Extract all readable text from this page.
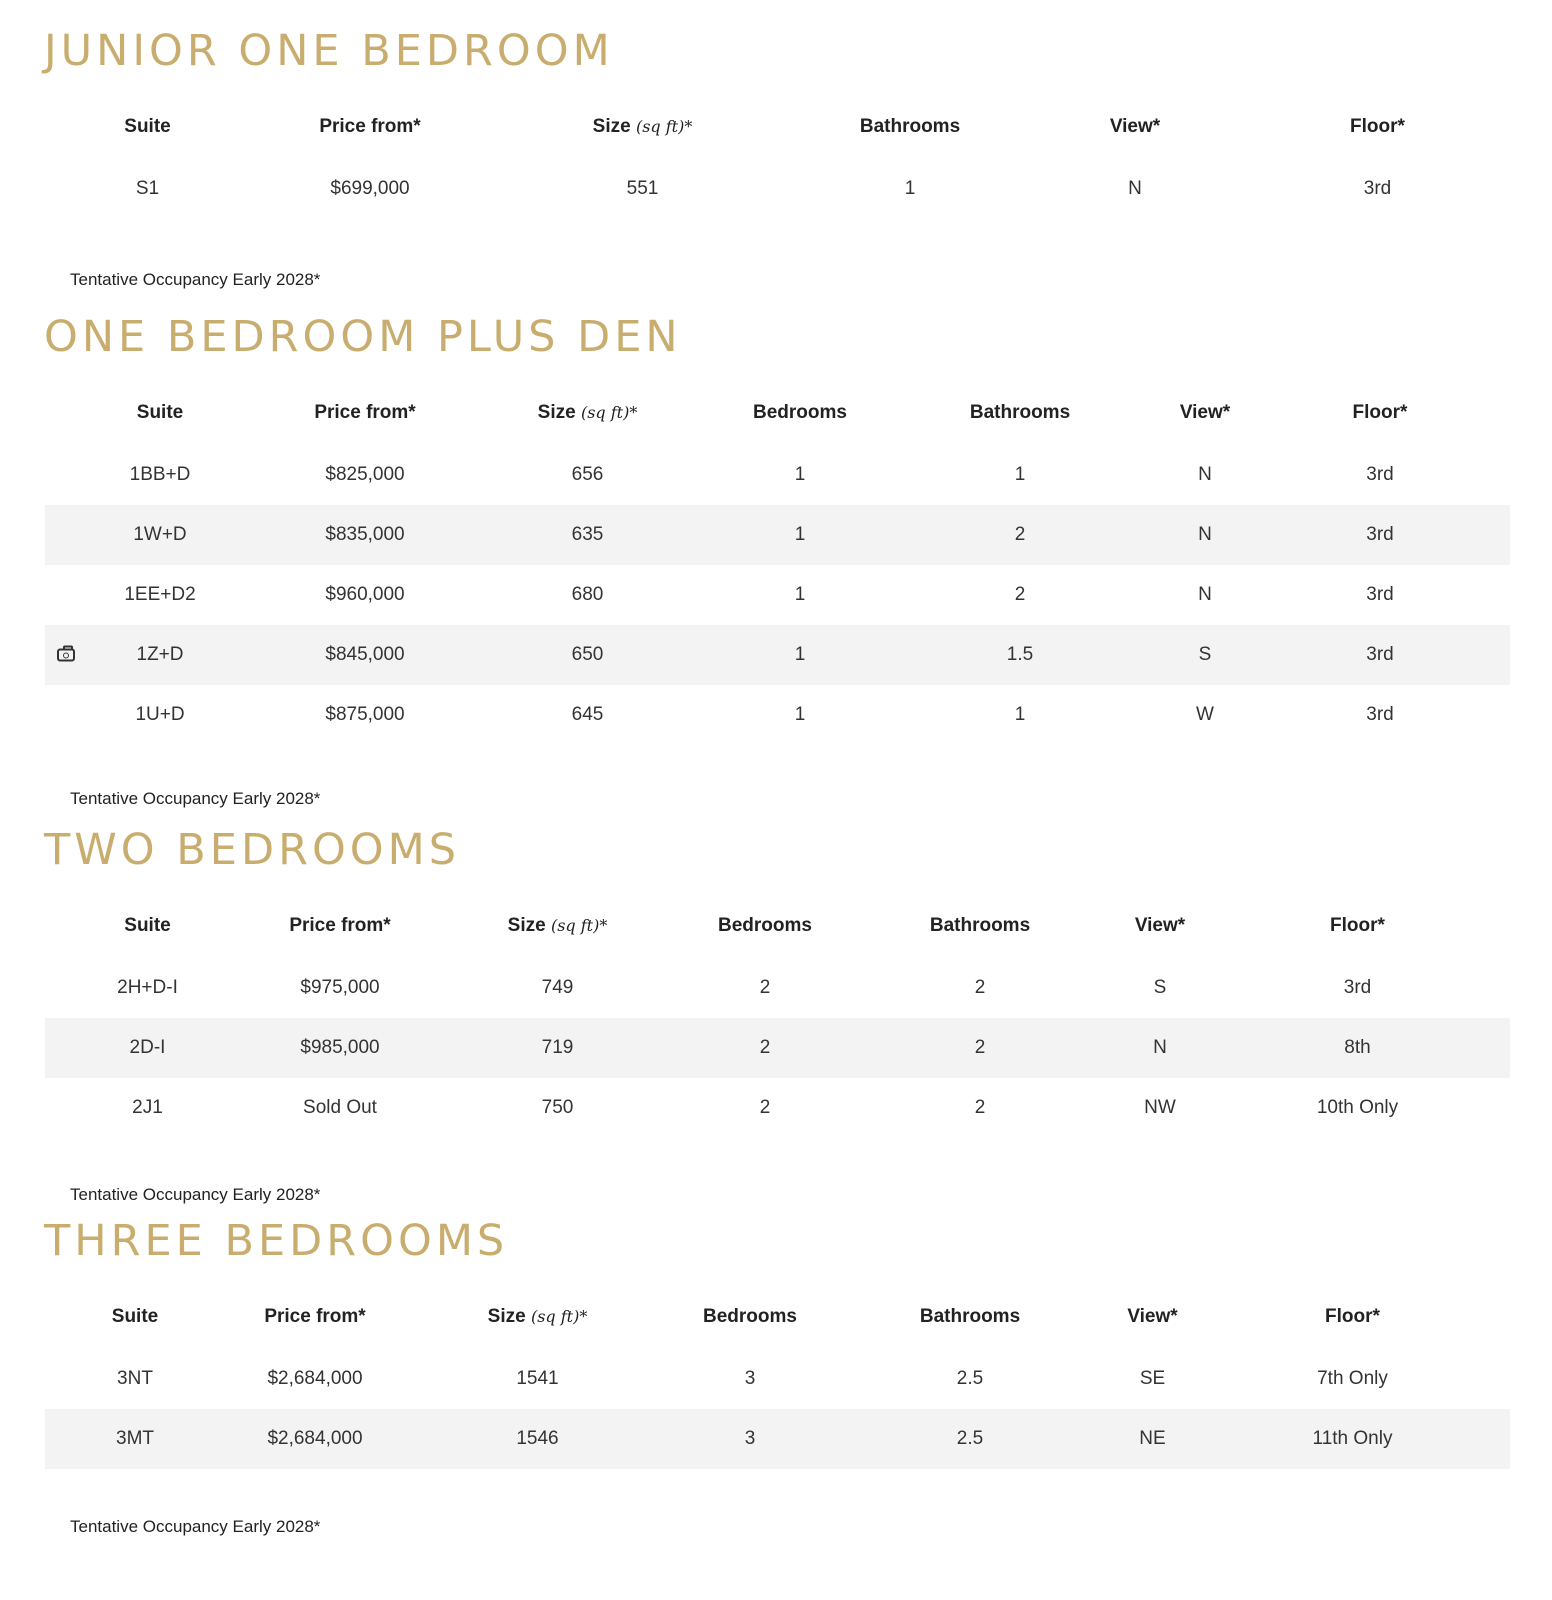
JUNIOR ONE BEDROOM
Suite	Price from*	Size (sq ft)*	Bathrooms	View*	Floor*

S1	$699,000	551	1	N	3rd
Tentative Occupancy Early 2028*
ONE BEDROOM PLUS DEN
Suite	Price from*	Size (sq ft)*	Bedrooms	Bathrooms	View*	Floor*

1BB+D	$825,000	656	1	1	N	3rd
1W+D	$835,000	635	1	2	N	3rd
1EE+D2	$960,000	680	1	2	N	3rd

1Z+D	$845,000	650	1	1.5	S	3rd
1U+D	$875,000	645	1	1	W	3rd
Tentative Occupancy Early 2028*
TWO BEDROOMS
Suite	Price from*	Size (sq ft)*	Bedrooms	Bathrooms	View*	Floor*

2H+D-I	$975,000	749	2	2	S	3rd
2D-I	$985,000	719	2	2	N	8th
2J1	Sold Out	750	2	2	NW	10th Only
Tentative Occupancy Early 2028*
THREE BEDROOMS
Suite	Price from*	Size (sq ft)*	Bedrooms	Bathrooms	View*	Floor*

3NT	$2,684,000	1541	3	2.5	SE	7th Only
3MT	$2,684,000	1546	3	2.5	NE	11th Only
Tentative Occupancy Early 2028*
